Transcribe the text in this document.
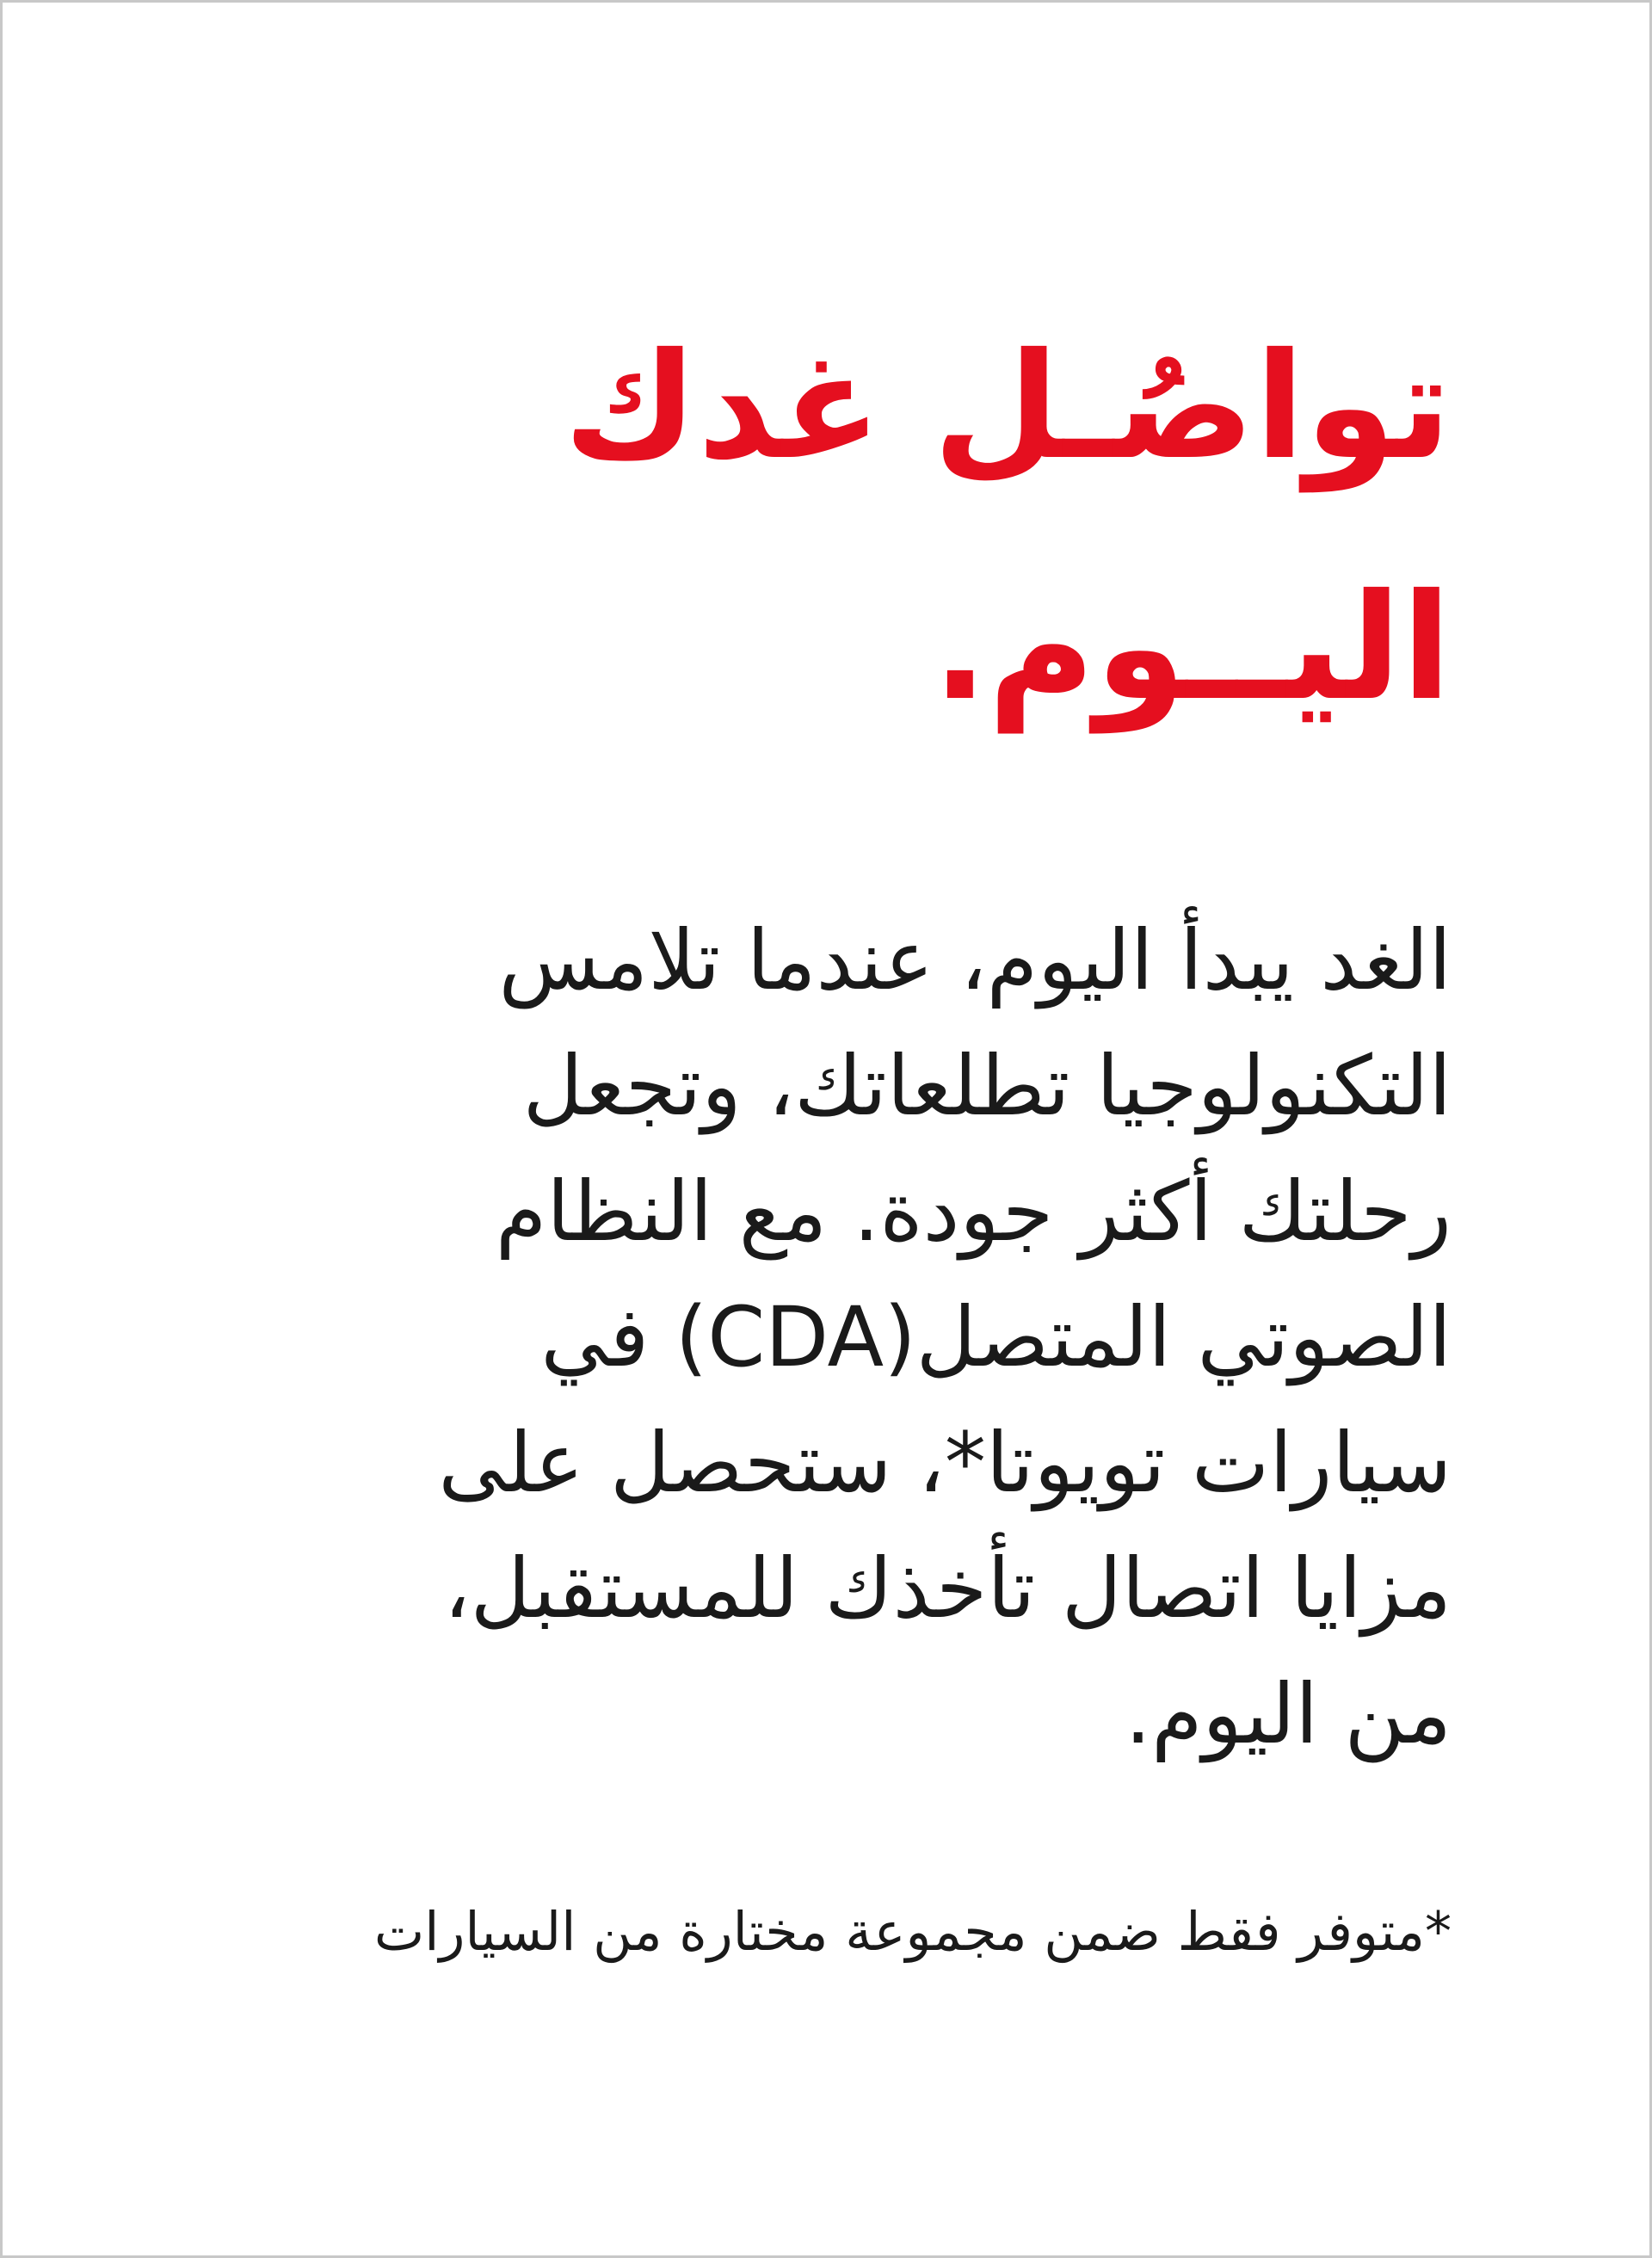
تواصُـل غدك
اليــوم.

الغد يبدأ اليوم، عندما تلامس
التكنولوجيا تطلعاتك، وتجعل
رحلتك أكثر جودة. مع النظام
الصوتي المتصل(CDA) في
سيارات تويوتا*، ستحصل على
مزايا اتصال تأخذك للمستقبل،
من اليوم.

*متوفر فقط ضمن مجموعة مختارة من السيارات
